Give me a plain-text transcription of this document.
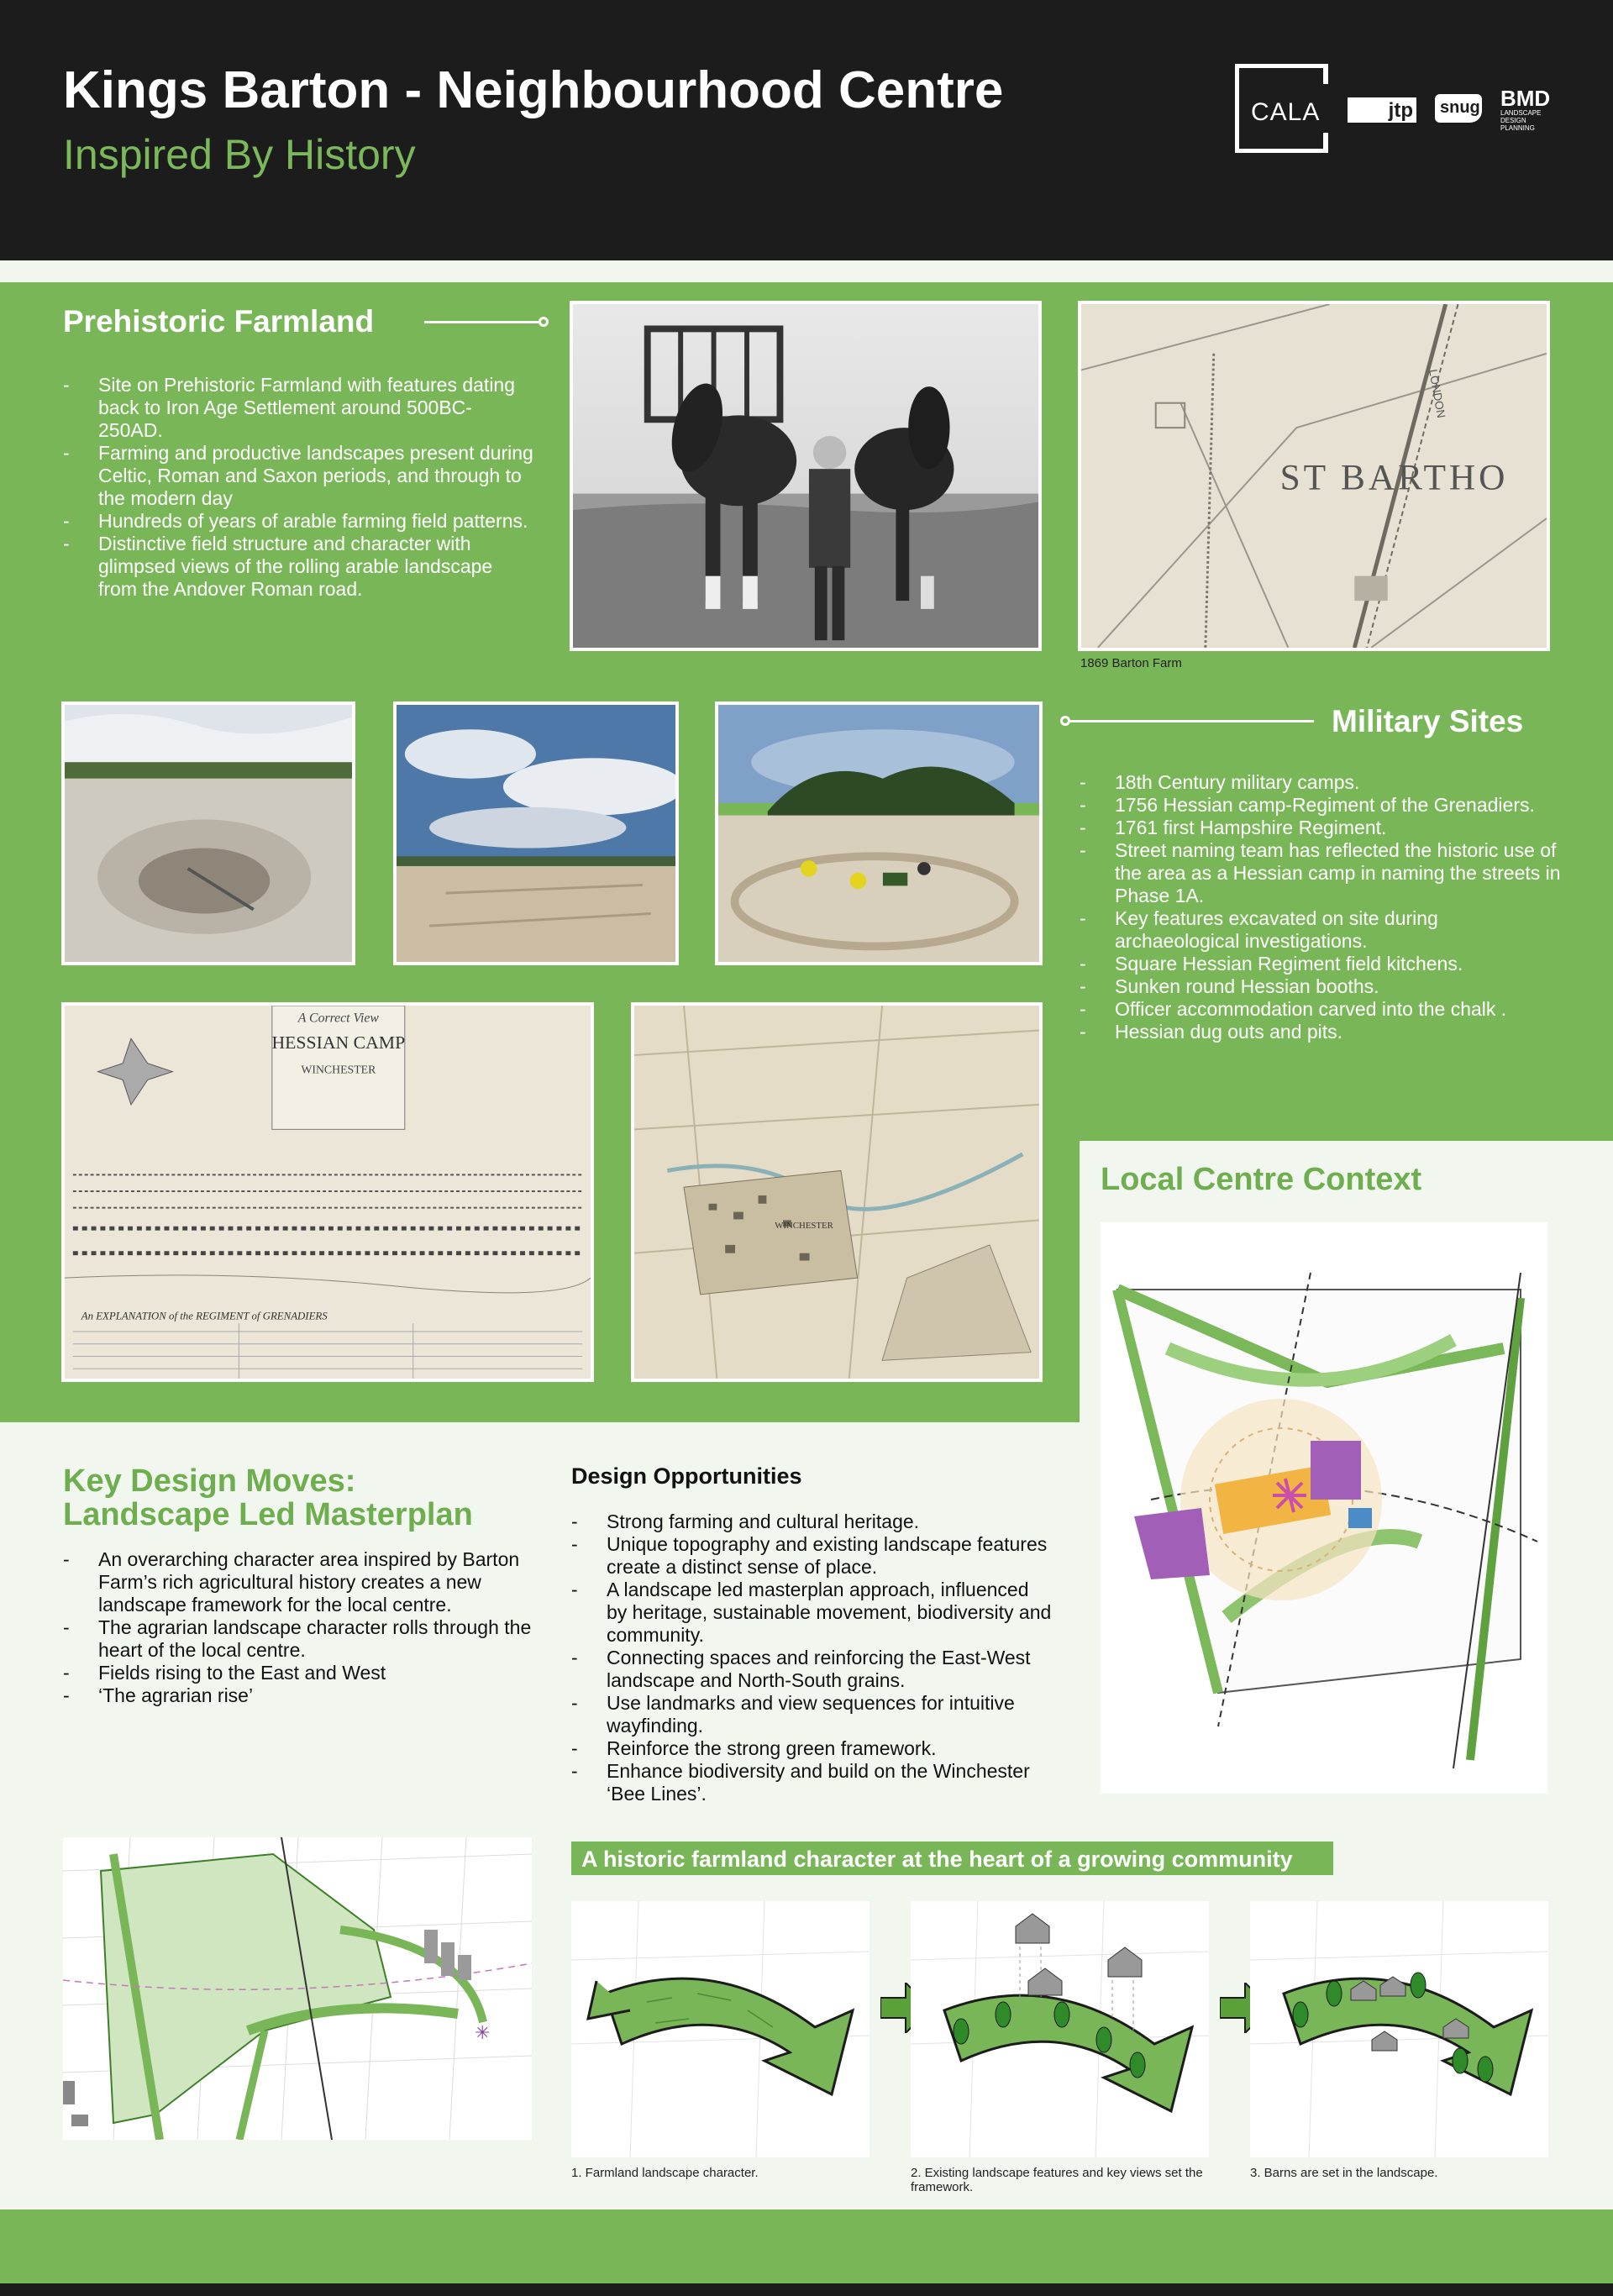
Kings Barton - Neighbourhood Centre
Inspired By History
CALA	jtp snug BMD
LANDSCAPE DESIGN PLANNING
Prehistoric Farmland
- Site on Prehistoric Farmland with features dating back to Iron Age Settlement around 500BC-250AD.
- Farming and productive landscapes present during Celtic, Roman and Saxon periods, and through to the modern day
- Hundreds of years of arable farming field patterns.
- Distinctive field structure and character with glimpsed views of the rolling arable landscape from the Andover Roman road.
ST BARTHO
LONDON
1869 Barton Farm
A Correct View
HESSIAN CAMP
WINCHESTER
An EXPLANATION of the REGIMENT of GRENADIERS
WINCHESTER
Military Sites
- 18th Century military camps.
- 1756 Hessian camp-Regiment of the Grenadiers.
- 1761 first Hampshire Regiment.
- Street naming team has reflected the historic use of the area as a Hessian camp in naming the streets in Phase 1A.
- Key features excavated on site during archaeological investigations.
- Square Hessian Regiment field kitchens.
- Sunken round Hessian booths.
- Officer accommodation carved into the chalk .
- Hessian dug outs and pits.
Local Centre Context
Key Design Moves:
Landscape Led Masterplan
- An overarching character area inspired by Barton Farm’s rich agricultural history creates a new landscape framework for the local centre.
- The agrarian landscape character rolls through the heart of the local centre.
- Fields rising to the East and West
- ‘The agrarian rise’
Design Opportunities
- Strong farming and cultural heritage.
- Unique topography and existing landscape features create a distinct sense of place.
- A landscape led masterplan approach, influenced by heritage, sustainable movement, biodiversity and community.
- Connecting spaces and reinforcing the East-West landscape and North-South grains.
- Use landmarks and view sequences for intuitive wayfinding.
- Reinforce the strong green framework.
- Enhance biodiversity and build on the Winchester ‘Bee Lines’.
✳
A historic farmland character at the heart of a growing community
1. Farmland landscape character.	2. Existing landscape features and key views set the framework.
3. Barns are set in the landscape.
